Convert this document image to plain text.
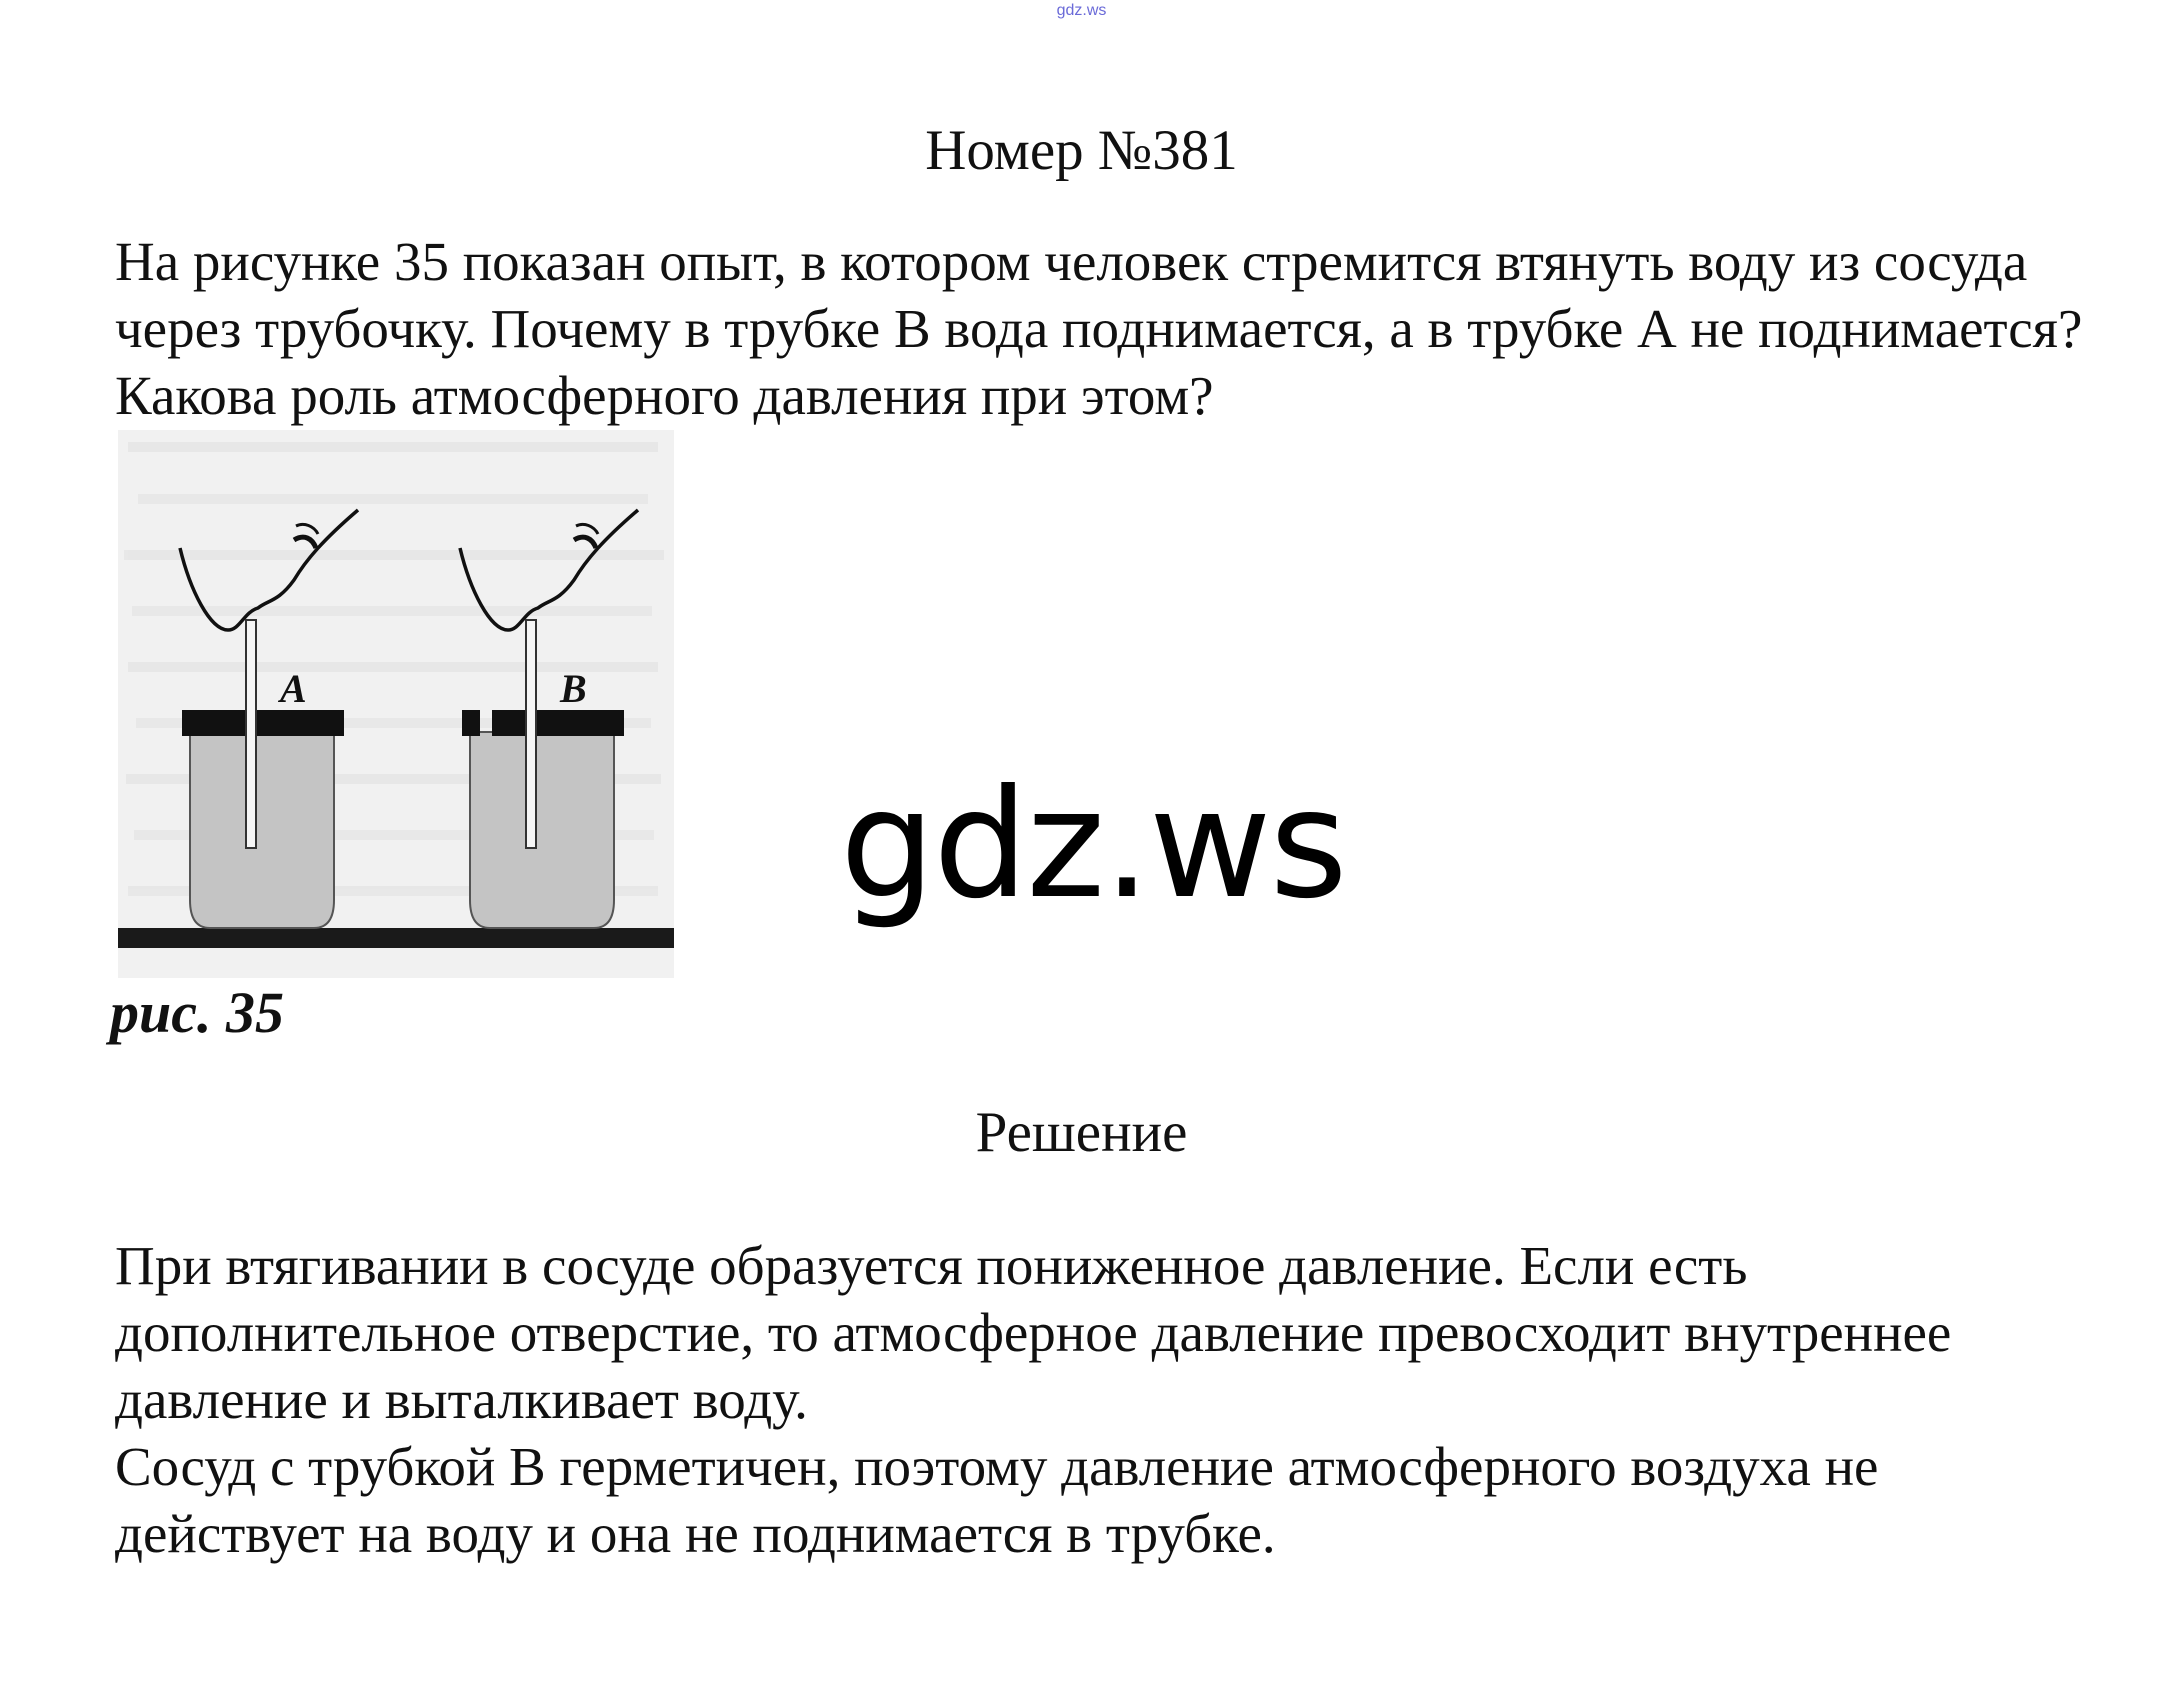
gdz.ws
Номер №381

На рисунке 35 показан опыт, в котором человек стремится втянуть воду из сосуда через трубочку. Почему в трубке В вода поднимается, а в трубке А не поднимается? Какова роль атмосферного давления при этом?

A	B
рис. 35
gdz.ws
Решение
При втягивании в сосуде образуется пониженное давление. Если есть дополнительное отверстие, то атмосферное давление превосходит внутреннее давление и выталкивает воду.
Сосуд с трубкой В герметичен, поэтому давление атмосферного воздуха не действует на воду и она не поднимается в трубке.
